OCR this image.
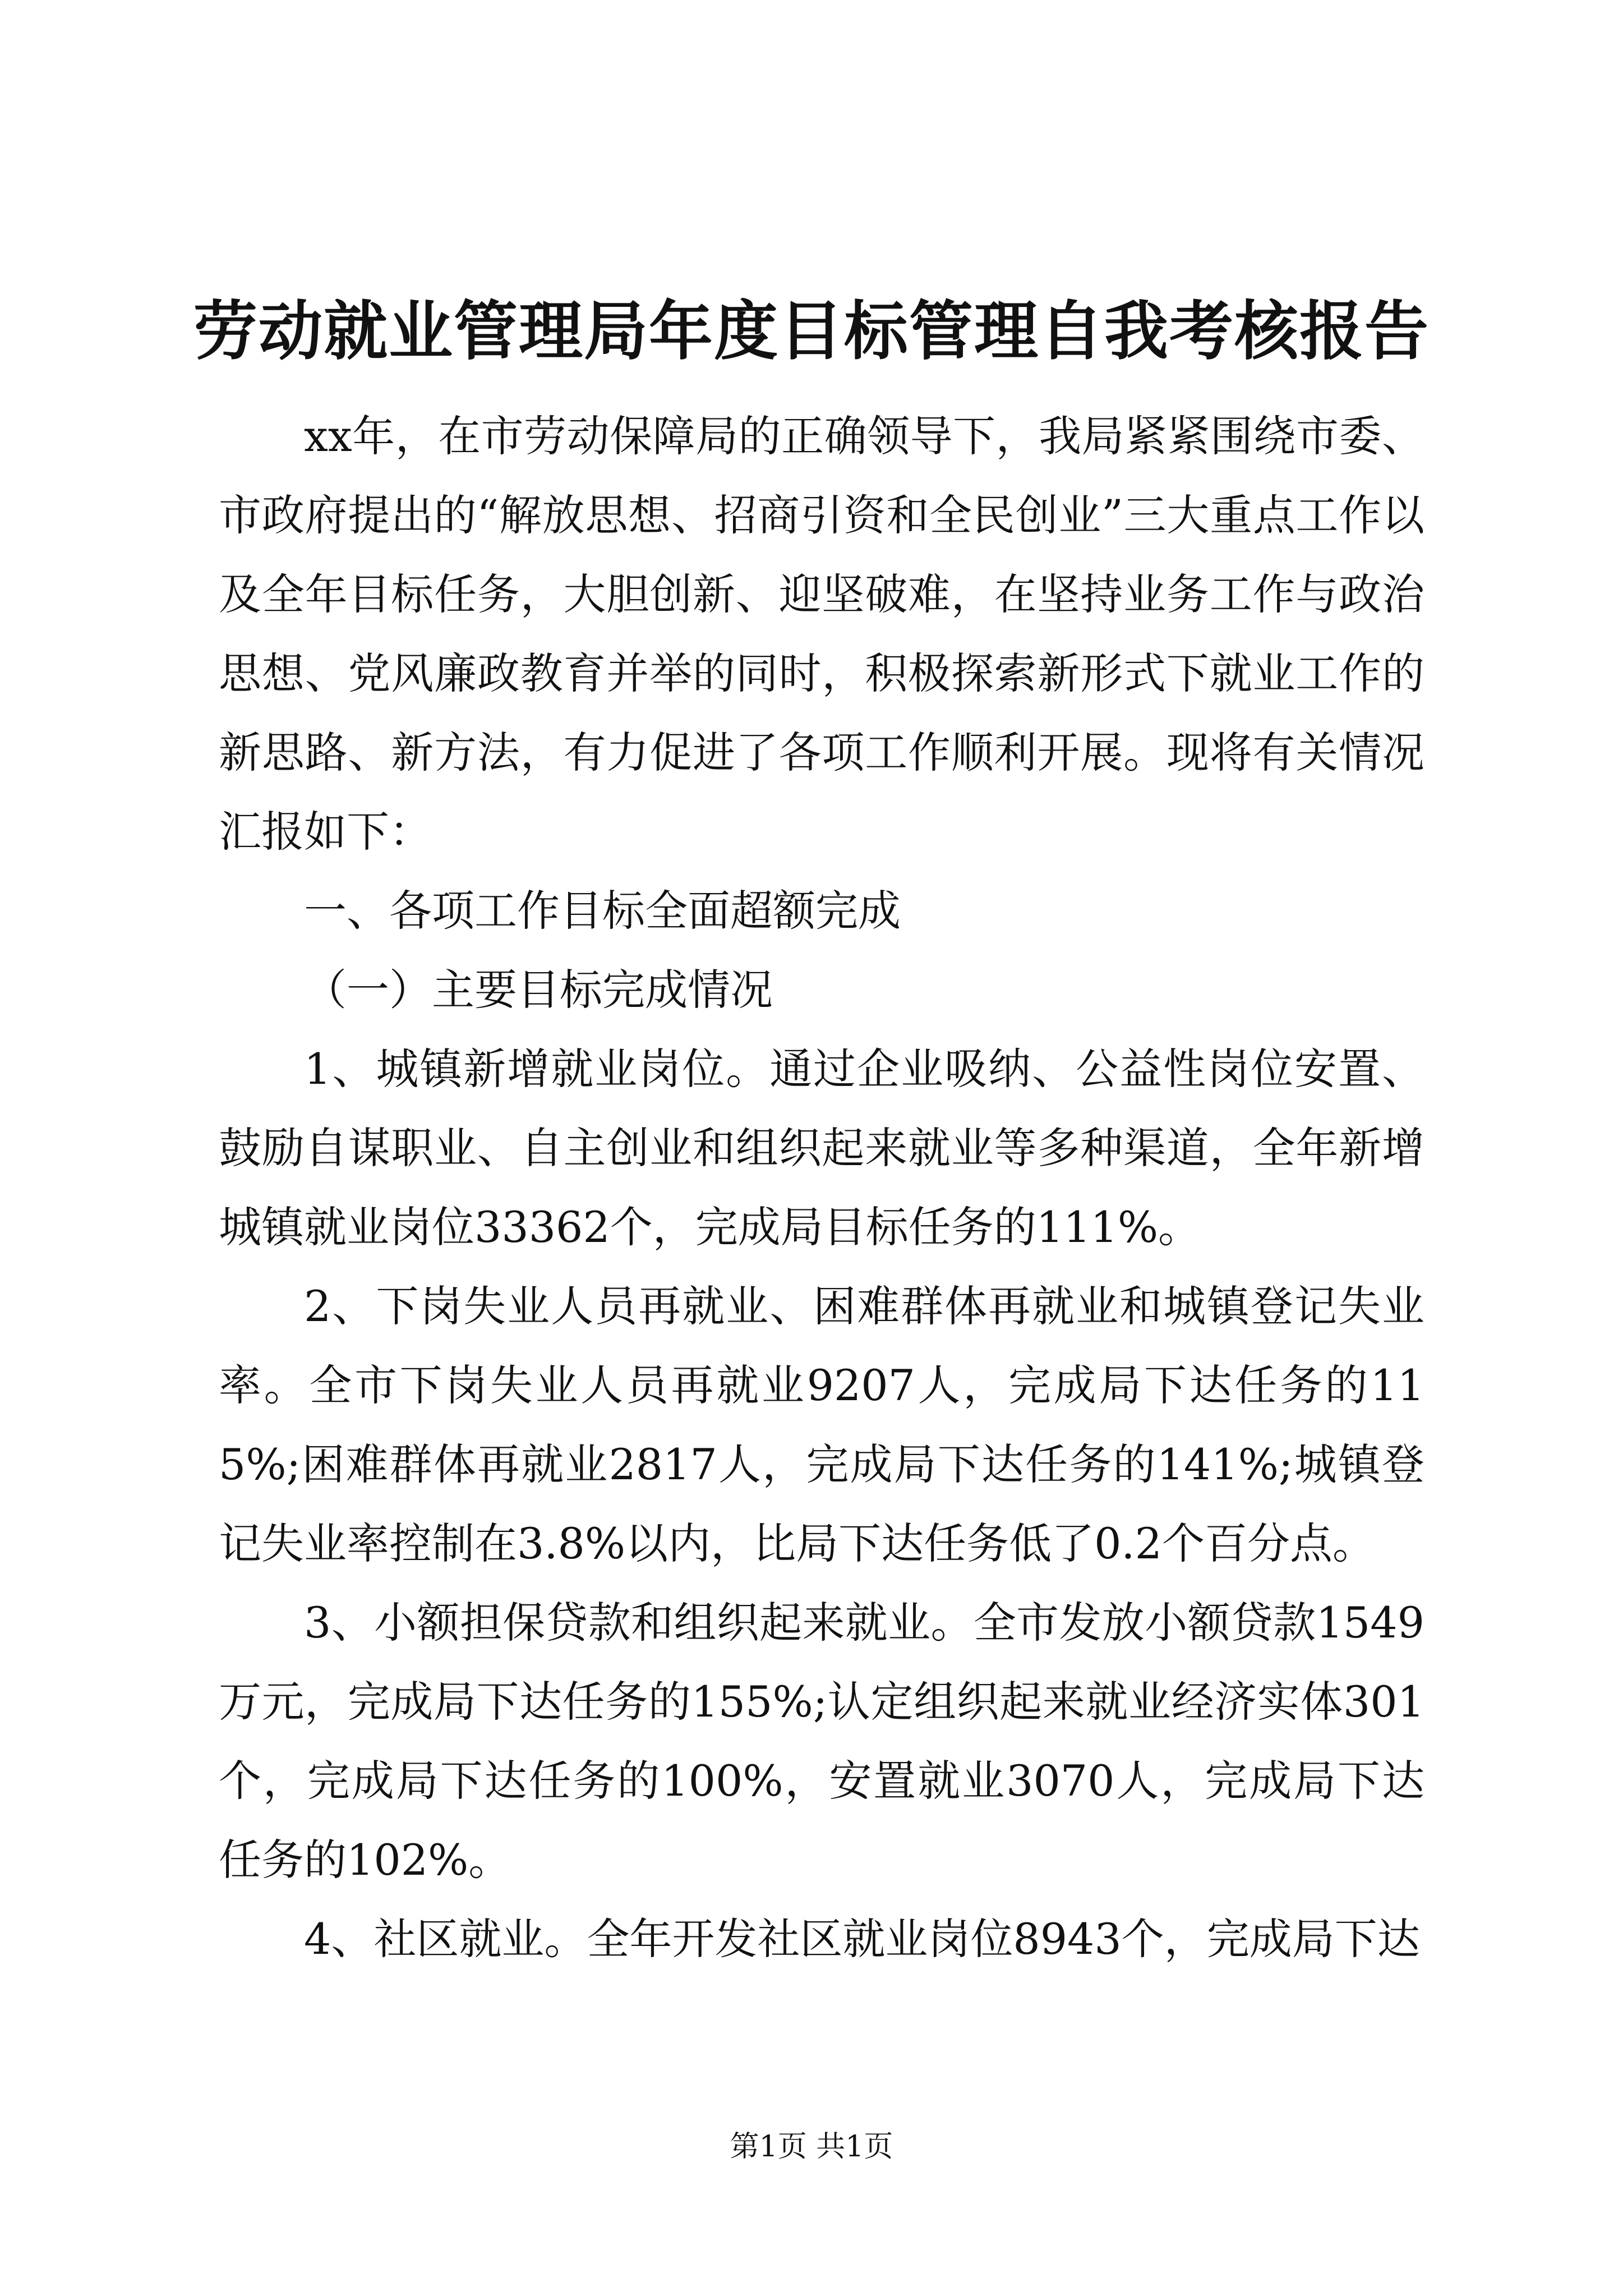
劳动就业管理局年度目标管理自我考核报告

xx年，在市劳动保障局的正确领导下，我局紧紧围绕市委、市政府提出的“解放思想、招商引资和全民创业”三大重点工作以及全年目标任务，大胆创新、迎坚破难，在坚持业务工作与政治思想、党风廉政教育并举的同时，积极探索新形式下就业工作的新思路、新方法，有力促进了各项工作顺利开展。现将有关情况汇报如下：

一、各项工作目标全面超额完成

（一）主要目标完成情况

1、城镇新增就业岗位。通过企业吸纳、公益性岗位安置、鼓励自谋职业、自主创业和组织起来就业等多种渠道，全年新增城镇就业岗位33362个，完成局目标任务的111%。

2、下岗失业人员再就业、困难群体再就业和城镇登记失业率。全市下岗失业人员再就业9207人，完成局下达任务的115%;困难群体再就业2817人，完成局下达任务的141%;城镇登记失业率控制在3.8%以内，比局下达任务低了0.2个百分点。

3、小额担保贷款和组织起来就业。全市发放小额贷款1549万元，完成局下达任务的155%;认定组织起来就业经济实体301个，完成局下达任务的100%，安置就业3070人，完成局下达任务的102%。

4、社区就业。全年开发社区就业岗位8943个，完成局下达

第1页 共1页
